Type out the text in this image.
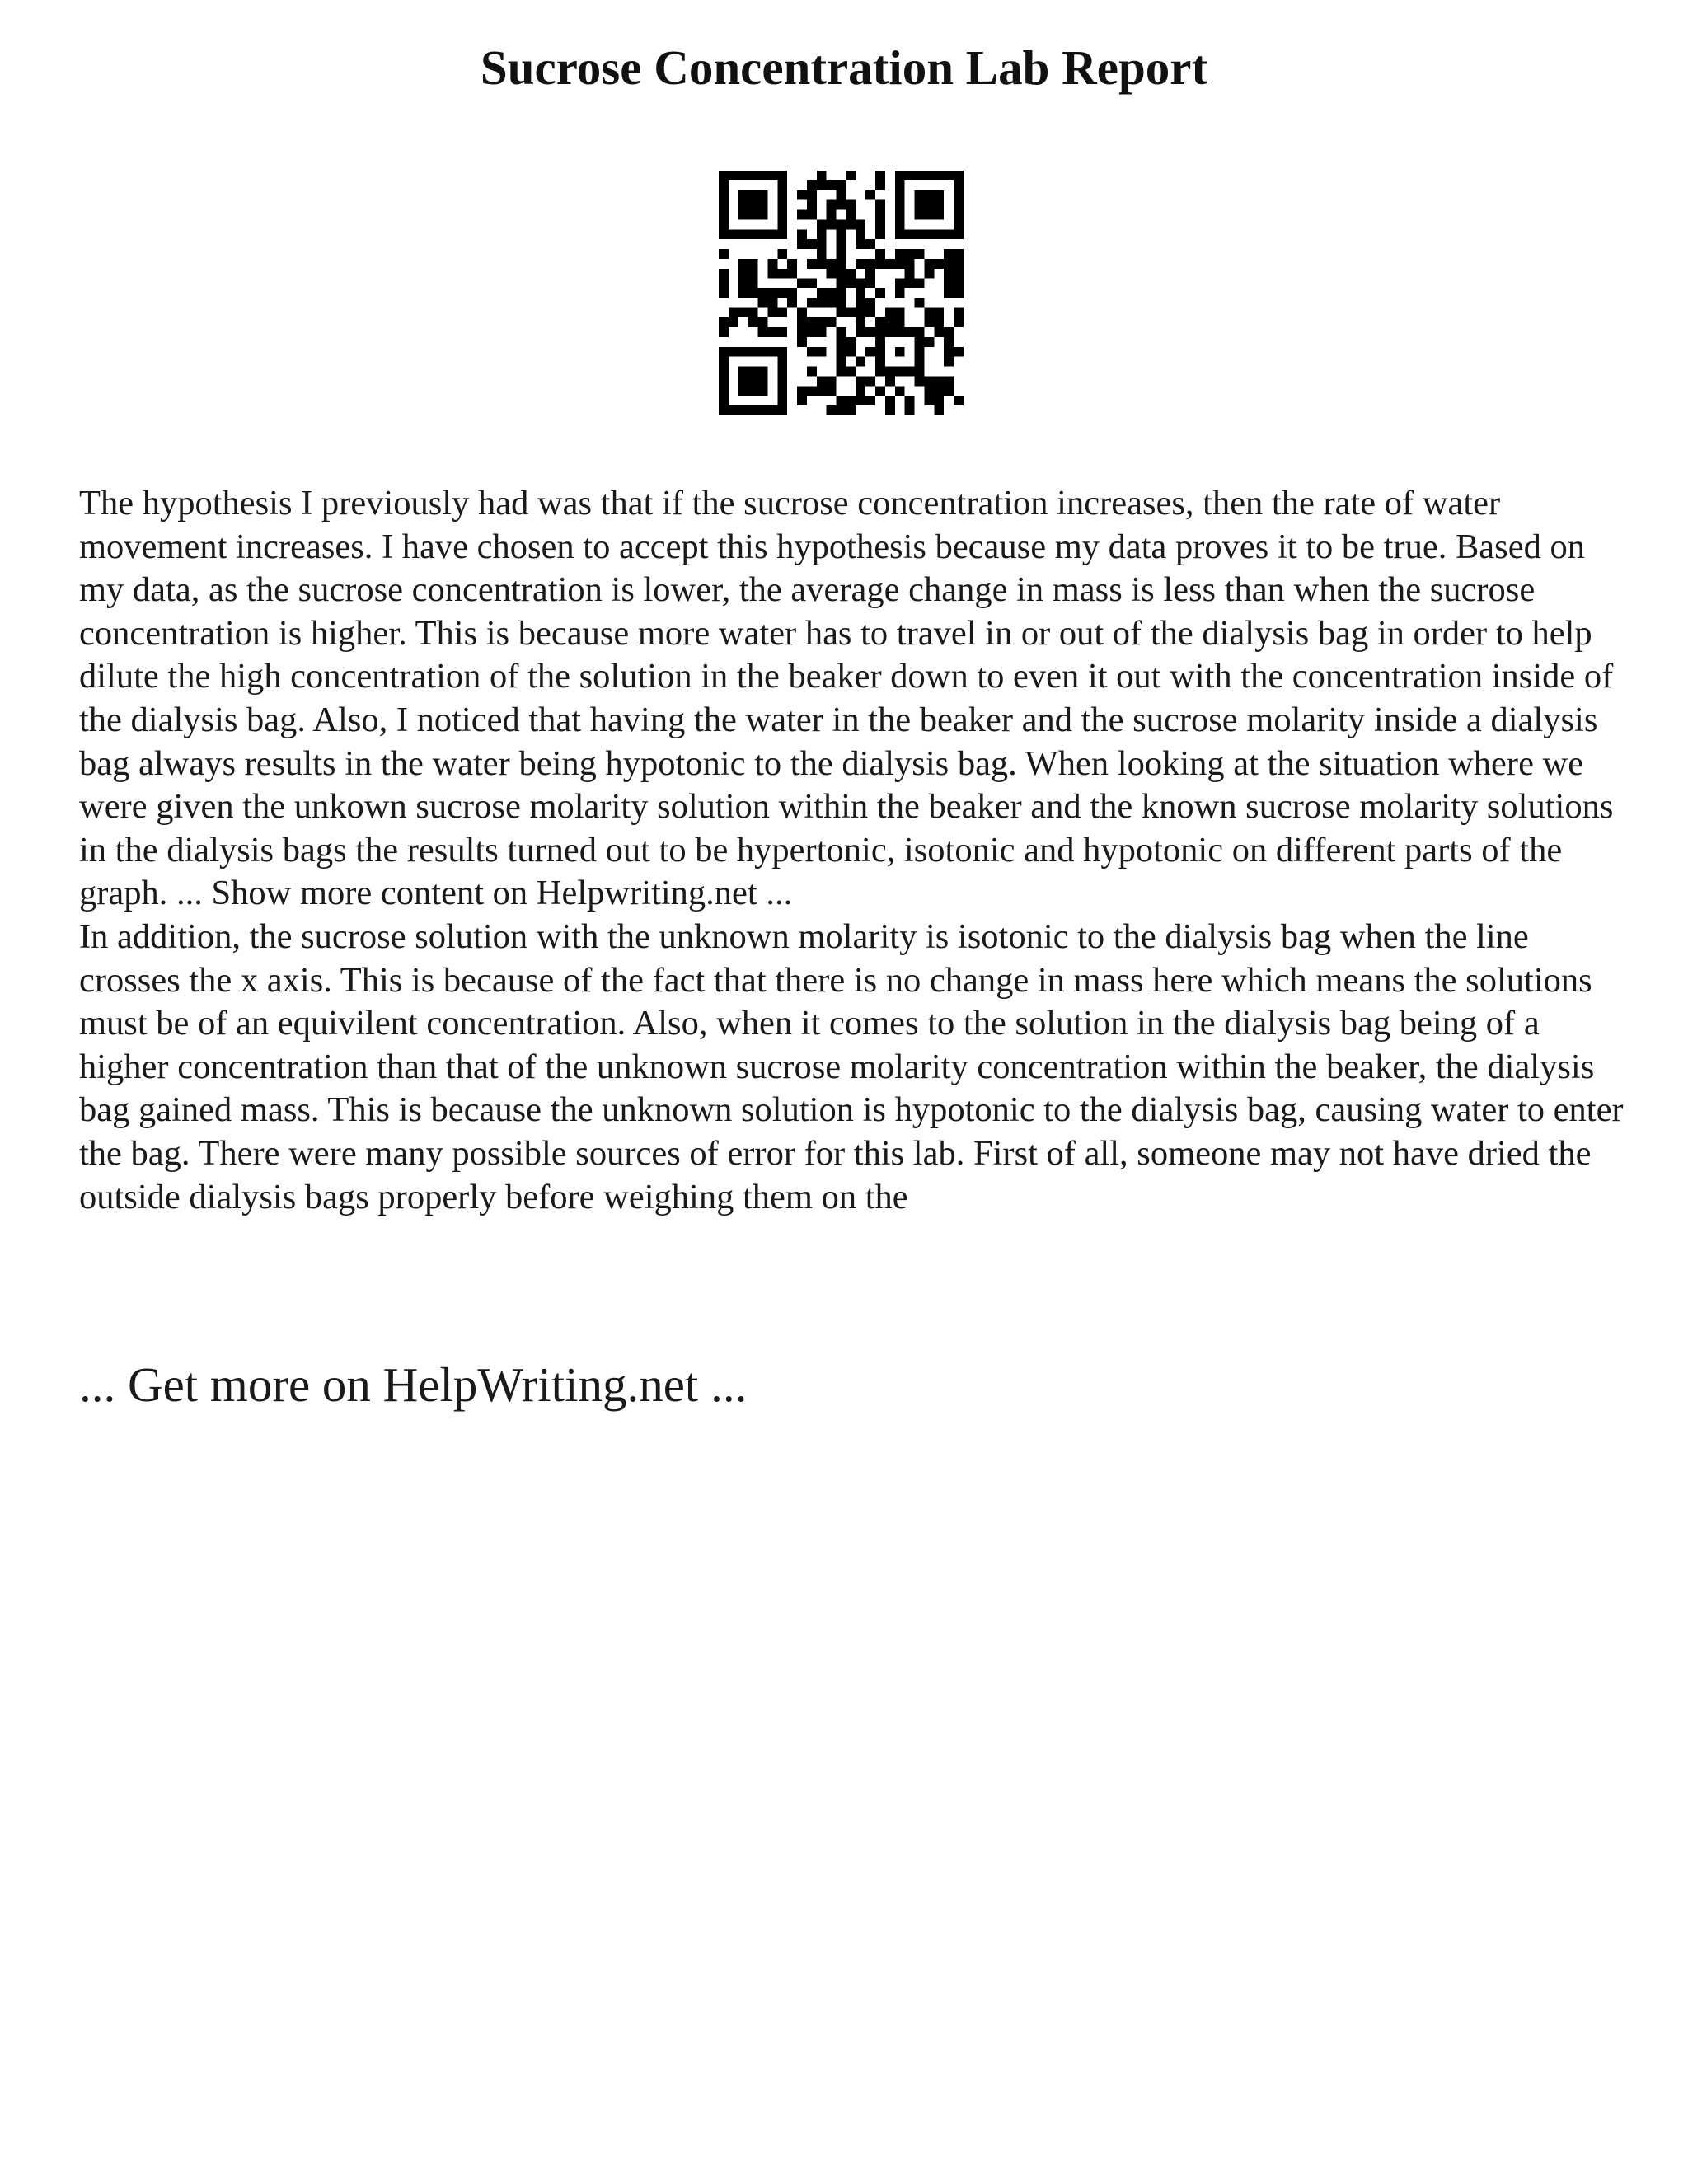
Sucrose Concentration Lab Report

The hypothesis I previously had was that if the sucrose concentration increases, then the rate of water movement increases. I have chosen to accept this hypothesis because my data proves it to be true. Based on my data, as the sucrose concentration is lower, the average change in mass is less than when the sucrose concentration is higher. This is because more water has to travel in or out of the dialysis bag in order to help dilute the high concentration of the solution in the beaker down to even it out with the concentration inside of the dialysis bag. Also, I noticed that having the water in the beaker and the sucrose molarity inside a dialysis bag always results in the water being hypotonic to the dialysis bag. When looking at the situation where we were given the unkown sucrose molarity solution within the beaker and the known sucrose molarity solutions in the dialysis bags the results turned out to be hypertonic, isotonic and hypotonic on different parts of the graph. ... Show more content on Helpwriting.net ...

In addition, the sucrose solution with the unknown molarity is isotonic to the dialysis bag when the line crosses the x axis. This is because of the fact that there is no change in mass here which means the solutions must be of an equivilent concentration. Also, when it comes to the solution in the dialysis bag being of a higher concentration than that of the unknown sucrose molarity concentration within the beaker, the dialysis bag gained mass. This is because the unknown solution is hypotonic to the dialysis bag, causing water to enter the bag. There were many possible sources of error for this lab. First of all, someone may not have dried the outside dialysis bags properly before weighing them on the

... Get more on HelpWriting.net ...
